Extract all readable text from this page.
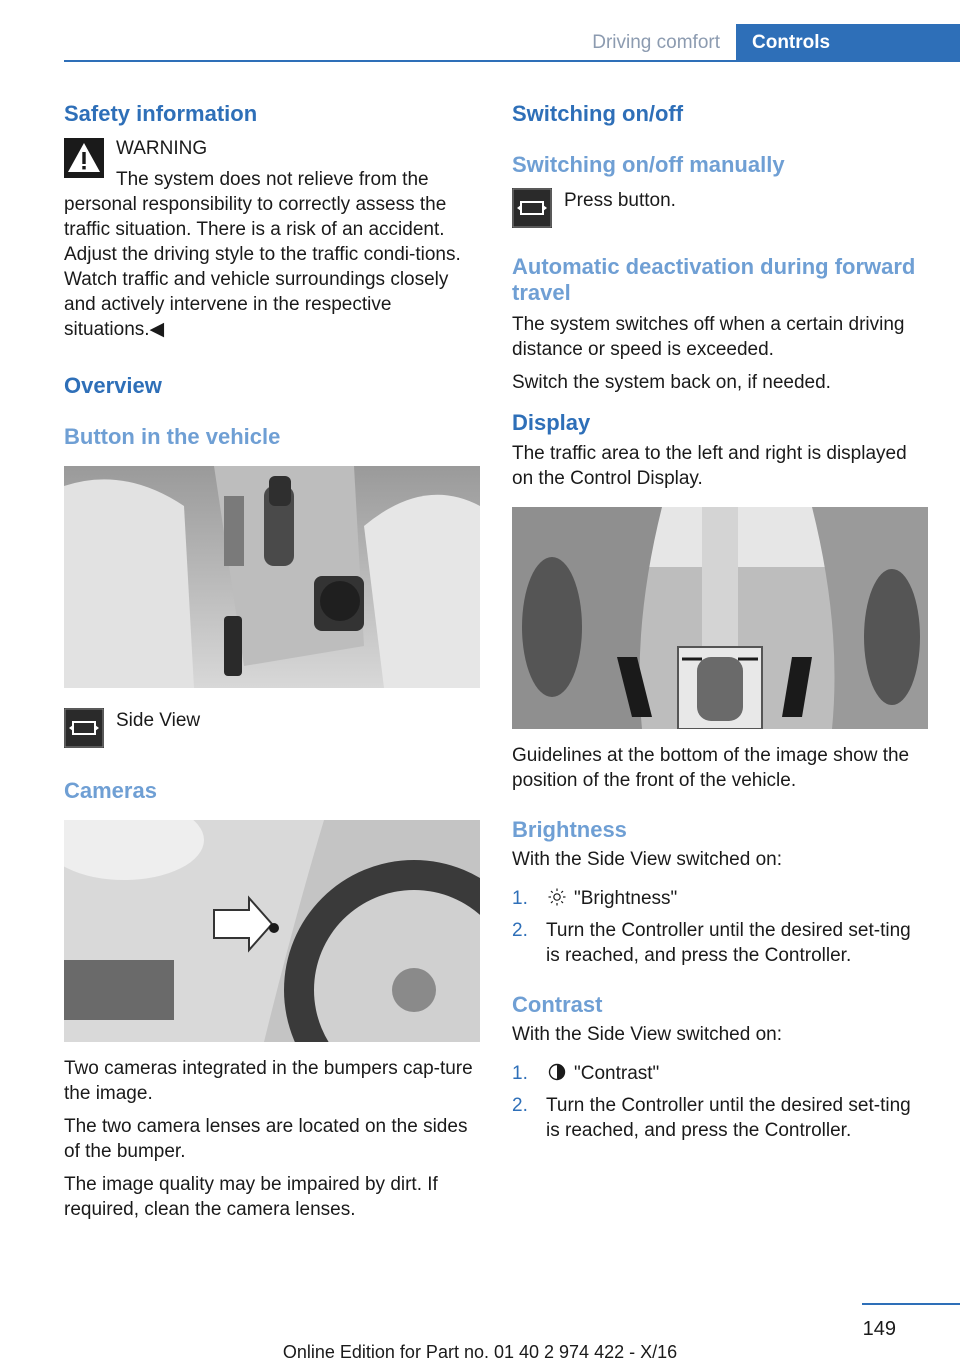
Driving comfort	Controls
Safety information
WARNING

The system does not relieve from the personal responsibility to correctly assess the traffic situation. There is a risk of an accident. Adjust the driving style to the traffic condi‐tions. Watch traffic and vehicle surroundings closely and actively intervene in the respective situations.◀

Overview
Button in the vehicle
Side View
Cameras

Two cameras integrated in the bumpers cap‐ture the image.

The two camera lenses are located on the sides of the bumper.

The image quality may be impaired by dirt. If required, clean the camera lenses.

Switching on/off
Switching on/off manually
Press button.
Automatic deactivation during forward travel

The system switches off when a certain driving distance or speed is exceeded.

Switch the system back on, if needed.

Display

The traffic area to the left and right is displayed on the Control Display.

Guidelines at the bottom of the image show the position of the front of the vehicle.

Brightness

With the Side View switched on:

1. "Brightness"
2. Turn the Controller until the desired set‐ting is reached, and press the Controller.
Contrast

With the Side View switched on:

1. "Contrast"
2. Turn the Controller until the desired set‐ting is reached, and press the Controller.
149
Online Edition for Part no. 01 40 2 974 422 - X/16
